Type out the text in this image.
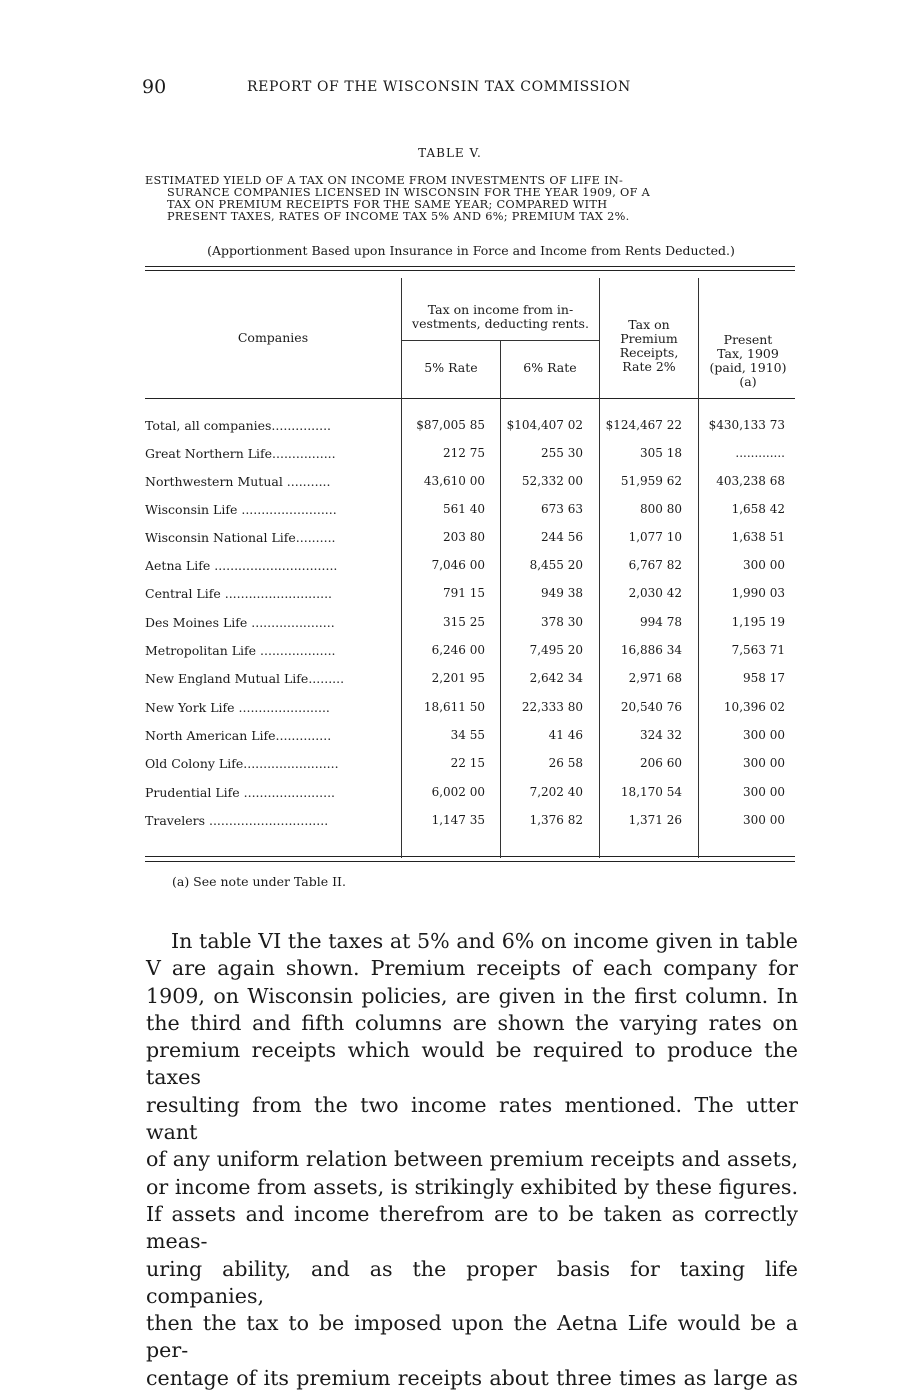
90	REPORT OF THE WISCONSIN TAX COMMISSION
TABLE V.
ESTIMATED YIELD OF A TAX ON INCOME FROM INVESTMENTS OF LIFE IN-
SURANCE COMPANIES LICENSED IN WISCONSIN FOR THE YEAR 1909, OF A
TAX ON PREMIUM RECEIPTS FOR THE SAME YEAR; COMPARED WITH
PRESENT TAXES, RATES OF INCOME TAX 5% AND 6%; PREMIUM TAX 2%.
(Apportionment Based upon Insurance in Force and Income from Rents Deducted.)
Companies
Tax on income from in-
vestments, deducting rents.
5% Rate	6% Rate
Tax on
Premium
Receipts,
Rate 2%
Present
Tax, 1909
(paid, 1910)
(a)
Total, all companies...............	$87,005 85	$104,407 02	$124,467 22	$430,133 73
Great Northern Life................	212 75	255 30	305 18	.............
Northwestern Mutual ...........	43,610 00	52,332 00	51,959 62	403,238 68
Wisconsin Life ........................	561 40	673 63	800 80	1,658 42
Wisconsin National Life..........	203 80	244 56	1,077 10	1,638 51
Aetna Life ...............................	7,046 00	8,455 20	6,767 82	300 00
Central Life ...........................	791 15	949 38	2,030 42	1,990 03
Des Moines Life .....................	315 25	378 30	994 78	1,195 19
Metropolitan Life ...................	6,246 00	7,495 20	16,886 34	7,563 71
New England Mutual Life.........	2,201 95	2,642 34	2,971 68	958 17
New York Life .......................	18,611 50	22,333 80	20,540 76	10,396 02
North American Life..............	34 55	41 46	324 32	300 00
Old Colony Life........................	22 15	26 58	206 60	300 00
Prudential Life .......................	6,002 00	7,202 40	18,170 54	300 00
Travelers ..............................	1,147 35	1,376 82	1,371 26	300 00
(a) See note under Table II.
In table VI the taxes at 5% and 6% on income given in table
V are again shown. Premium receipts of each company for
1909, on Wisconsin policies, are given in the first column. In
the third and fifth columns are shown the varying rates on
premium receipts which would be required to produce the taxes
resulting from the two income rates mentioned. The utter want
of any uniform relation between premium receipts and assets,
or income from assets, is strikingly exhibited by these figures.
If assets and income therefrom are to be taken as correctly meas-
uring ability, and as the proper basis for taxing life companies,
then the tax to be imposed upon the Aetna Life would be a per-
centage of its premium receipts about three times as large as
